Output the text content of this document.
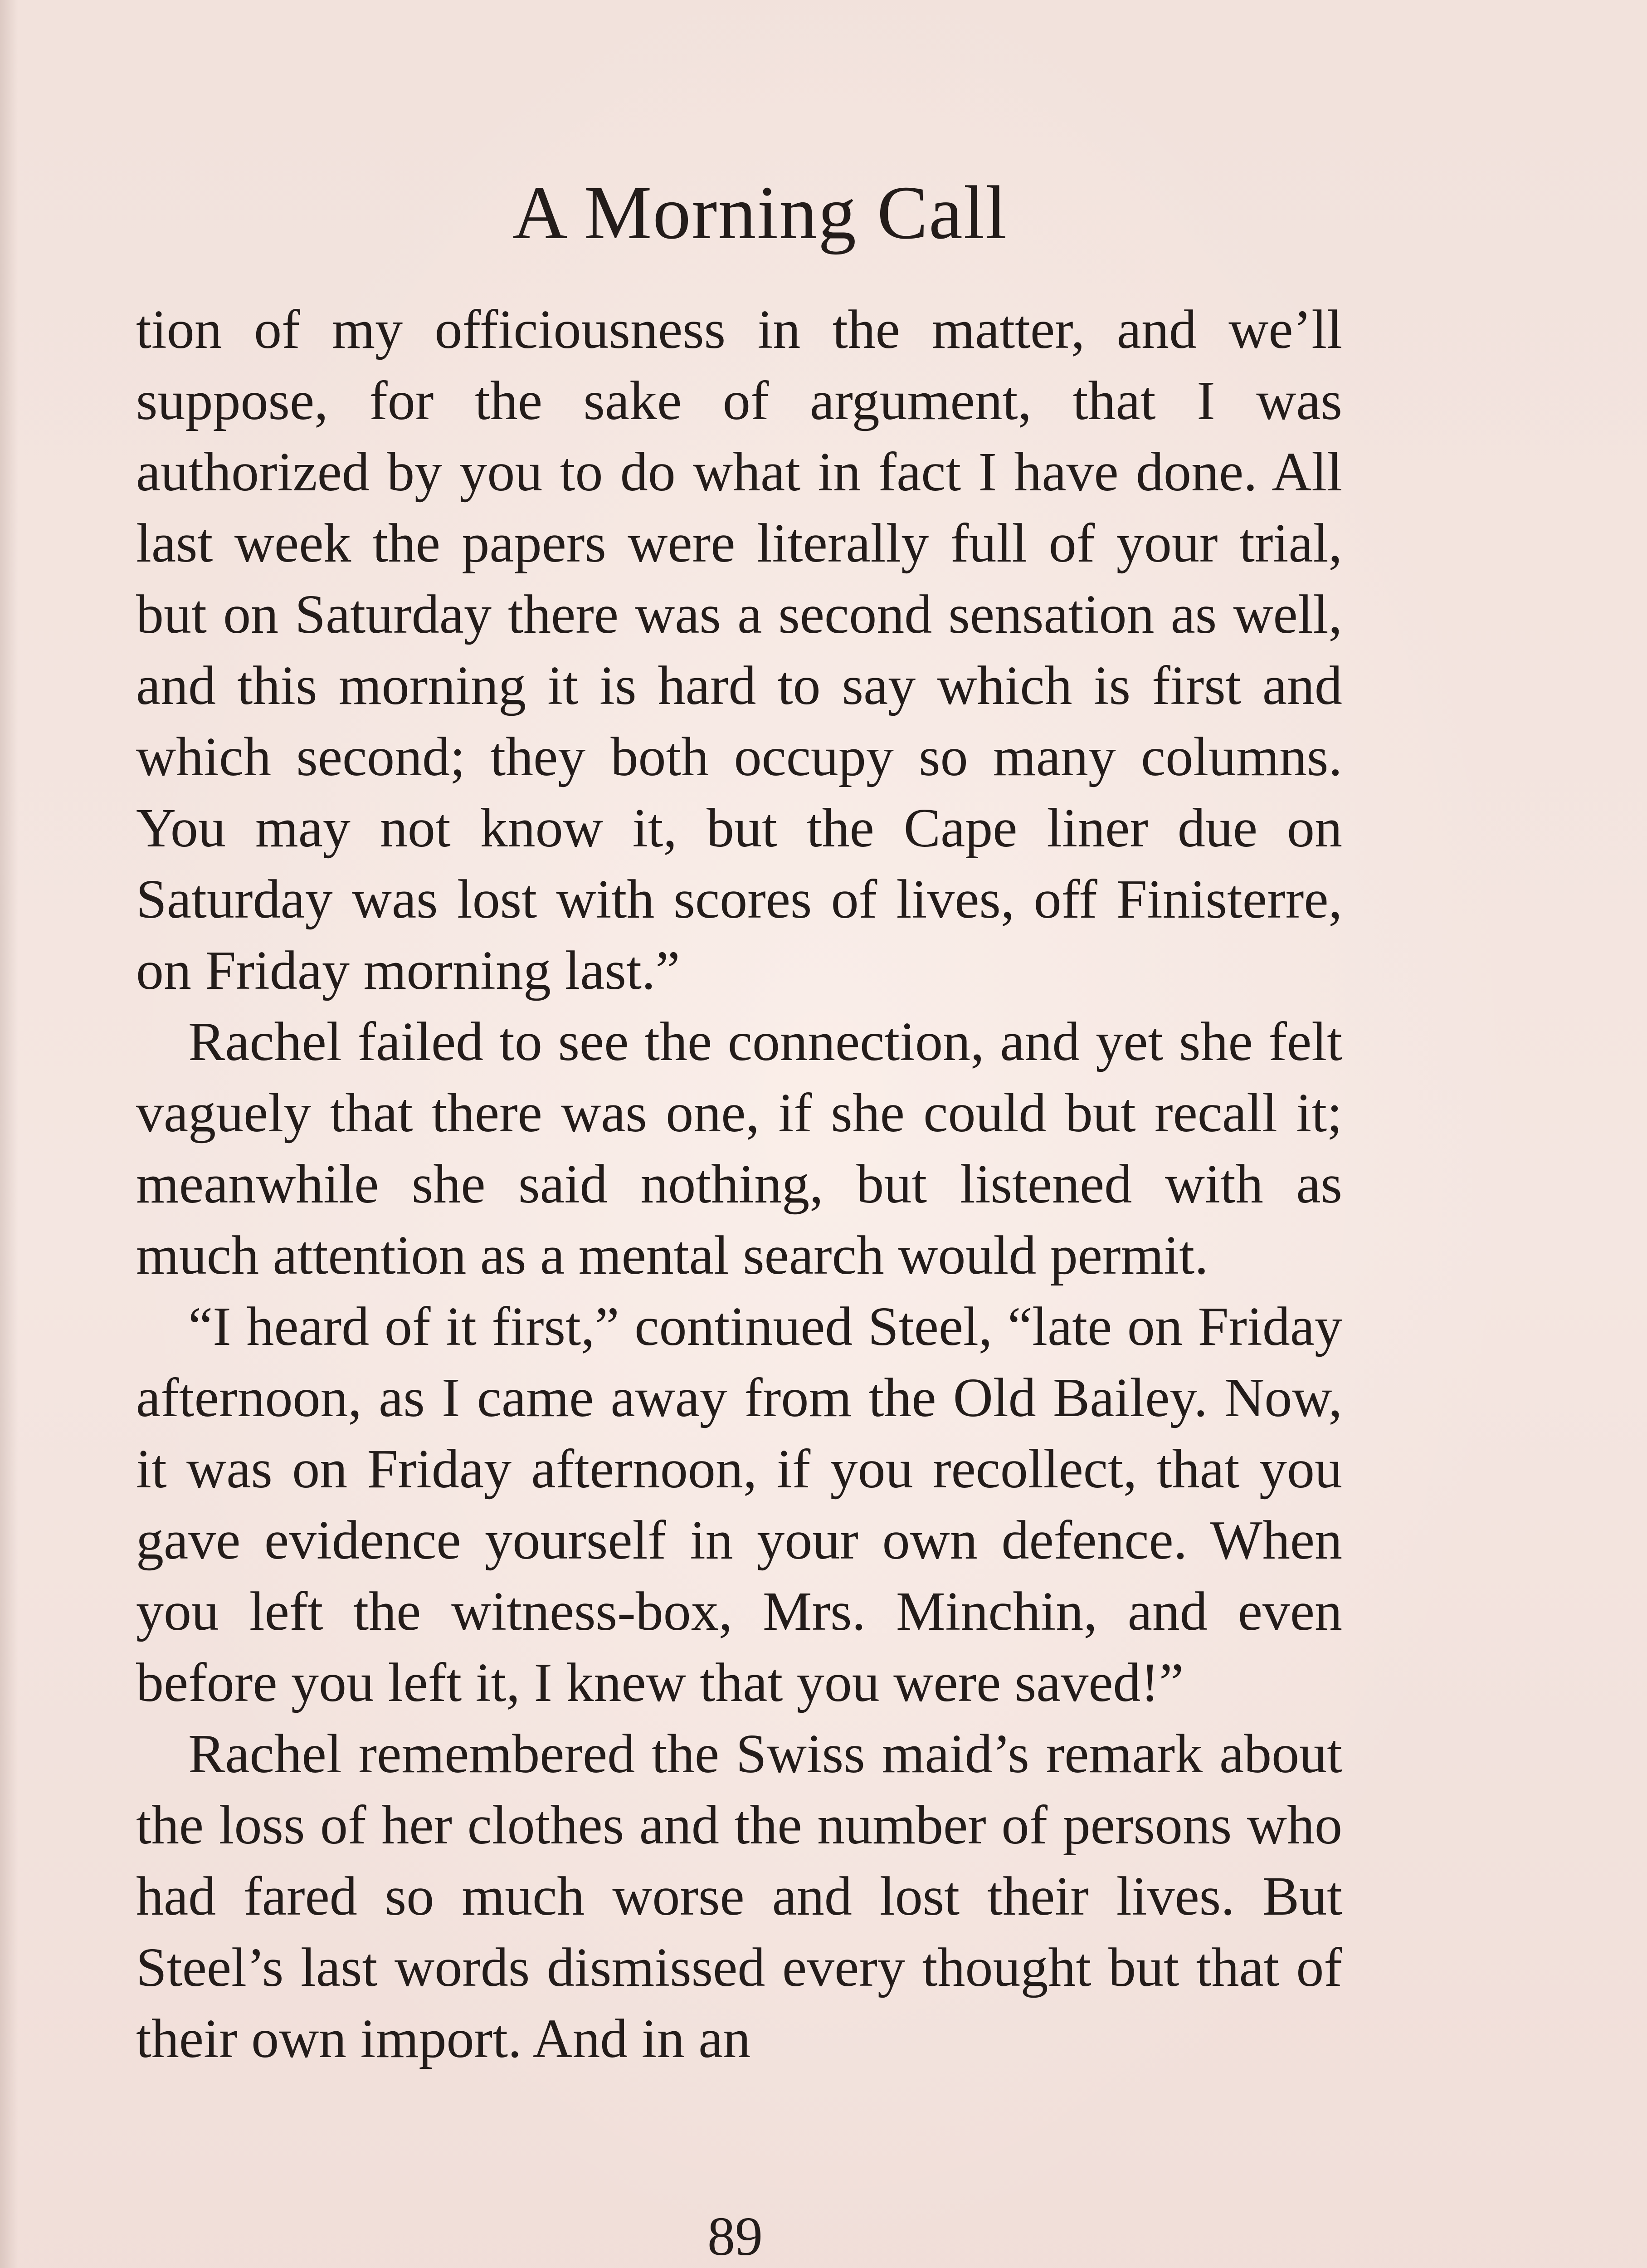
A Morning Call

tion of my officiousness in the matter, and we’ll suppose, for the sake of argument, that I was authorized by you to do what in fact I have done. All last week the papers were literally full of your trial, but on Saturday there was a second sensation as well, and this morning it is hard to say which is first and which second; they both occupy so many columns. You may not know it, but the Cape liner due on Saturday was lost with scores of lives, off Finisterre, on Friday morning last.”

Rachel failed to see the connection, and yet she felt vaguely that there was one, if she could but recall it; meanwhile she said nothing, but listened with as much attention as a mental search would permit.

“I heard of it first,” continued Steel, “late on Friday afternoon, as I came away from the Old Bailey. Now, it was on Friday afternoon, if you recollect, that you gave evidence yourself in your own defence. When you left the witness-box, Mrs. Minchin, and even before you left it, I knew that you were saved!”

Rachel remembered the Swiss maid’s remark about the loss of her clothes and the number of persons who had fared so much worse and lost their lives. But Steel’s last words dismissed every thought but that of their own import. And in an

89
